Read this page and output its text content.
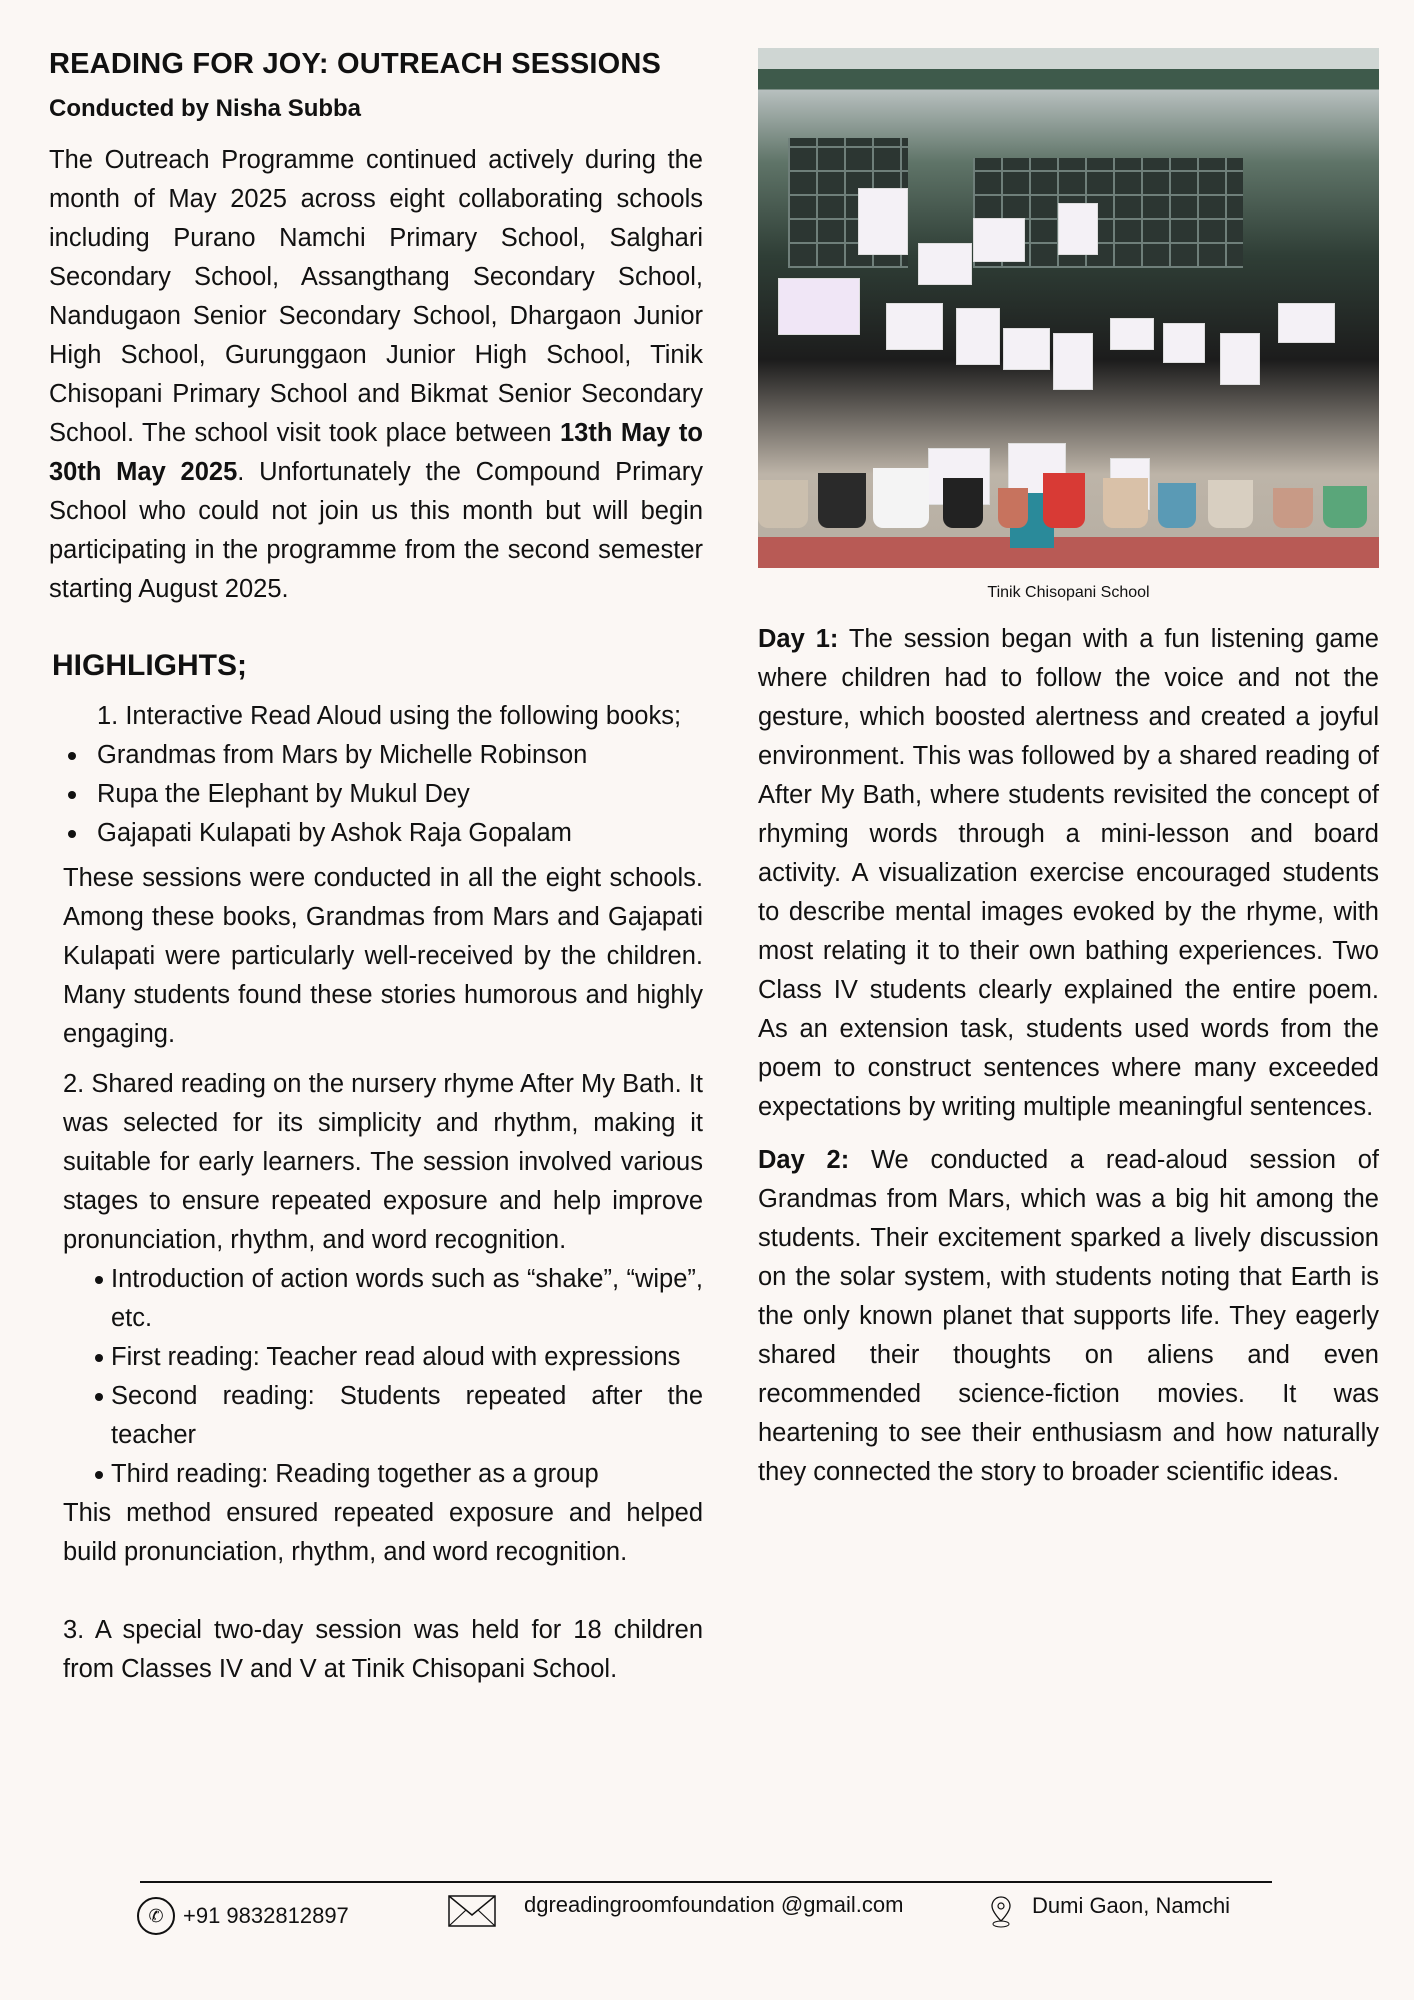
READING FOR JOY: OUTREACH SESSIONS
Conducted by Nisha Subba

The Outreach Programme continued actively during the month of May 2025 across eight collaborating schools including Purano Namchi Primary School, Salghari Secondary School, Assangthang Secondary School, Nandugaon Senior Secondary School, Dhargaon Junior High School, Gurunggaon Junior High School, Tinik Chisopani Primary School and Bikmat Senior Secondary School. The school visit took place between 13th May to 30th May 2025. Unfortunately the Compound Primary School who could not join us this month but will begin participating in the programme from the second semester starting August 2025.

HIGHLIGHTS;
1. Interactive Read Aloud using the following books;
Grandmas from Mars by Michelle Robinson
Rupa the Elephant by Mukul Dey
Gajapati Kulapati by Ashok Raja Gopalam

These sessions were conducted in all the eight schools. Among these books, Grandmas from Mars and Gajapati Kulapati were particularly well-received by the children. Many students found these stories humorous and highly engaging.

2. Shared reading on the nursery rhyme After My Bath. It was selected for its simplicity and rhythm, making it suitable for early learners. The session involved various stages to ensure repeated exposure and help improve pronunciation, rhythm, and word recognition.

Introduction of action words such as “shake”, “wipe”, etc.
First reading: Teacher read aloud with expressions
Second reading: Students repeated after the teacher
Third reading: Reading together as a group

This method ensured repeated exposure and helped build pronunciation, rhythm, and word recognition.

3. A special two-day session was held for 18 children from Classes IV and V at Tinik Chisopani School.

Tinik Chisopani School

Day 1: The session began with a fun listening game where children had to follow the voice and not the gesture, which boosted alertness and created a joyful environment. This was followed by a shared reading of After My Bath, where students revisited the concept of rhyming words through a mini-lesson and board activity. A visualization exercise encouraged students to describe mental images evoked by the rhyme, with most relating it to their own bathing experiences. Two Class IV students clearly explained the entire poem. As an extension task, students used words from the poem to construct sentences where many exceeded expectations by writing multiple meaningful sentences.

Day 2: We conducted a read-aloud session of Grandmas from Mars, which was a big hit among the students. Their excitement sparked a lively discussion on the solar system, with students noting that Earth is the only known planet that supports life. They eagerly shared their thoughts on aliens and even recommended science-fiction movies. It was heartening to see their enthusiasm and how naturally they connected the story to broader scientific ideas.

✆ +91 9832812897	dgreadingroomfoundation @gmail.com	Dumi Gaon, Namchi
